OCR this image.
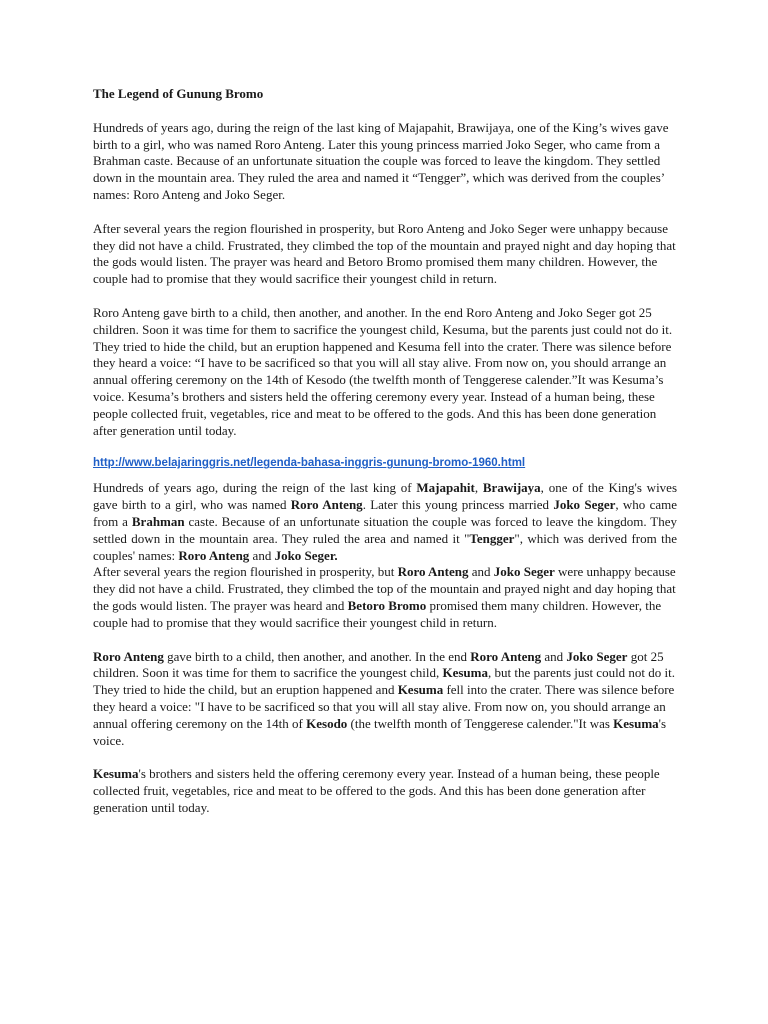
The Legend of Gunung Bromo

Hundreds of years ago, during the reign of the last king of Majapahit, Brawijaya, one of the King’s wives gave birth to a girl, who was named Roro Anteng. Later this young princess married Joko Seger, who came from a Brahman caste. Because of an unfortunate situation the couple was forced to leave the kingdom. They settled down in the mountain area. They ruled the area and named it “Tengger”, which was derived from the couples’ names: Roro Anteng and Joko Seger.

After several years the region flourished in prosperity, but Roro Anteng and Joko Seger were unhappy because they did not have a child. Frustrated, they climbed the top of the mountain and prayed night and day hoping that the gods would listen. The prayer was heard and Betoro Bromo promised them many children. However, the couple had to promise that they would sacrifice their youngest child in return.

Roro Anteng gave birth to a child, then another, and another. In the end Roro Anteng and Joko Seger got 25 children. Soon it was time for them to sacrifice the youngest child, Kesuma, but the parents just could not do it. They tried to hide the child, but an eruption happened and Kesuma fell into the crater. There was silence before they heard a voice: “I have to be sacrificed so that you will all stay alive. From now on, you should arrange an annual offering ceremony on the 14th of Kesodo (the twelfth month of Tenggerese calender.”It was Kesuma’s voice. Kesuma’s brothers and sisters held the offering ceremony every year. Instead of a human being, these people collected fruit, vegetables, rice and meat to be offered to the gods. And this has been done generation after generation until today.

http://www.belajaringgris.net/legenda-bahasa-inggris-gunung-bromo-1960.html

Hundreds of years ago, during the reign of the last king of Majapahit, Brawijaya, one of the King's wives gave birth to a girl, who was named Roro Anteng. Later this young princess married Joko Seger, who came from a Brahman caste. Because of an unfortunate situation the couple was forced to leave the kingdom. They settled down in the mountain area. They ruled the area and named it "Tengger", which was derived from the couples' names: Roro Anteng and Joko Seger.

After several years the region flourished in prosperity, but Roro Anteng and Joko Seger were unhappy because they did not have a child. Frustrated, they climbed the top of the mountain and prayed night and day hoping that the gods would listen. The prayer was heard and Betoro Bromo promised them many children. However, the couple had to promise that they would sacrifice their youngest child in return.

Roro Anteng gave birth to a child, then another, and another. In the end Roro Anteng and Joko Seger got 25 children. Soon it was time for them to sacrifice the youngest child, Kesuma, but the parents just could not do it. They tried to hide the child, but an eruption happened and Kesuma fell into the crater. There was silence before they heard a voice: "I have to be sacrificed so that you will all stay alive. From now on, you should arrange an annual offering ceremony on the 14th of Kesodo (the twelfth month of Tenggerese calender."It was Kesuma's voice.

Kesuma's brothers and sisters held the offering ceremony every year. Instead of a human being, these people collected fruit, vegetables, rice and meat to be offered to the gods. And this has been done generation after generation until today.
